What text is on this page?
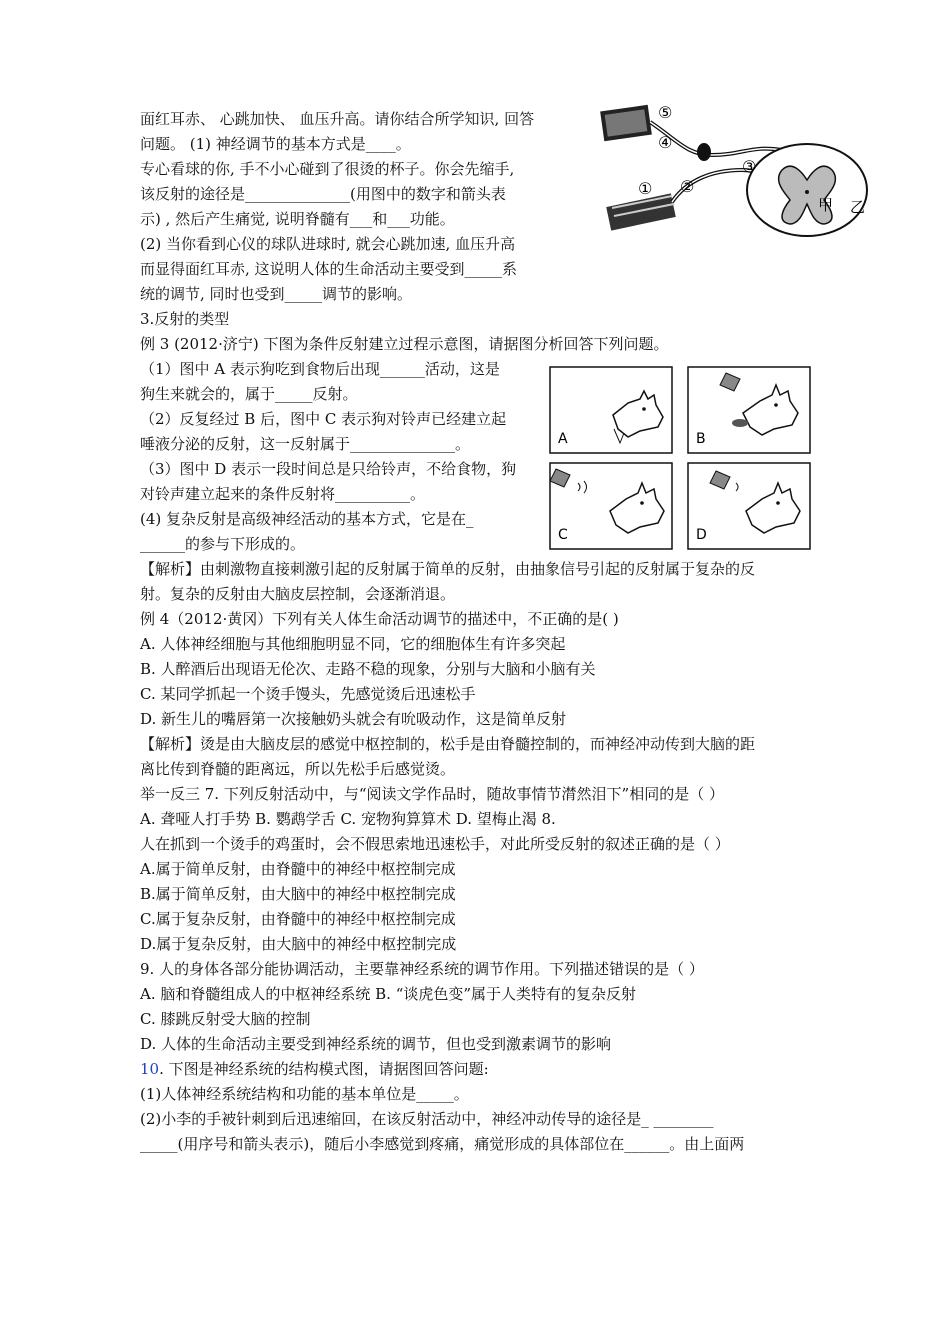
面红耳赤、 心跳加快、 血压升高。请你结合所学知识, 回答
问题。 (1) 神经调节的基本方式是____。
专心看球的你, 手不小心碰到了很烫的杯子。你会先缩手,
该反射的途径是______________(用图中的数字和箭头表
示) , 然后产生痛觉, 说明脊髓有___和___功能。
(2) 当你看到心仪的球队进球时, 就会心跳加速, 血压升高
而显得面红耳赤, 这说明人体的生命活动主要受到_____系
统的调节, 同时也受到_____调节的影响。
3.反射的类型
例 3 (2012·济宁) 下图为条件反射建立过程示意图，请据图分析回答下列问题。
（1）图中 A 表示狗吃到食物后出现______活动，这是
狗生来就会的，属于_____反射。
（2）反复经过 B 后，图中 C 表示狗对铃声已经建立起
唾液分泌的反射，这一反射属于______________。
（3）图中 D 表示一段时间总是只给铃声，不给食物，狗
对铃声建立起来的条件反射将__________。
(4) 复杂反射是高级神经活动的基本方式，它是在_
______的参与下形成的。
【解析】由刺激物直接刺激引起的反射属于简单的反射，由抽象信号引起的反射属于复杂的反
射。复杂的反射由大脑皮层控制，会逐渐消退。
例 4（2012·黄冈）下列有关人体生命活动调节的描述中，不正确的是( )
A. 人体神经细胞与其他细胞明显不同，它的细胞体生有许多突起
B. 人醉酒后出现语无伦次、走路不稳的现象，分别与大脑和小脑有关
C. 某同学抓起一个烫手馒头，先感觉烫后迅速松手
D. 新生儿的嘴唇第一次接触奶头就会有吮吸动作，这是简单反射
【解析】烫是由大脑皮层的感觉中枢控制的，松手是由脊髓控制的，而神经冲动传到大脑的距
离比传到脊髓的距离远，所以先松手后感觉烫。
举一反三 7. 下列反射活动中，与“阅读文学作品时，随故事情节潸然泪下”相同的是（ ）
A. 聋哑人打手势 B. 鹦鹉学舌 C. 宠物狗算算术 D. 望梅止渴 8.
人在抓到一个烫手的鸡蛋时，会不假思索地迅速松手，对此所受反射的叙述正确的是（ ）
A.属于简单反射，由脊髓中的神经中枢控制完成
B.属于简单反射，由大脑中的神经中枢控制完成
C.属于复杂反射，由脊髓中的神经中枢控制完成
D.属于复杂反射，由大脑中的神经中枢控制完成
9. 人的身体各部分能协调活动，主要靠神经系统的调节作用。下列描述错误的是（ ）
A. 脑和脊髓组成人的中枢神经系统 B. “谈虎色变”属于人类特有的复杂反射
C. 膝跳反射受大脑的控制
D. 人体的生命活动主要受到神经系统的调节，但也受到激素调节的影响
10. 下图是神经系统的结构模式图，请据图回答问题:
(1)人体神经系统结构和功能的基本单位是_____。
(2)小李的手被针刺到后迅速缩回，在该反射活动中，神经冲动传导的途径是_ ________
_____(用序号和箭头表示)，随后小李感觉到疼痛，痛觉形成的具体部位在______。由上面两
⑤
④
③
②
①
甲 乙
A	B
C	D
